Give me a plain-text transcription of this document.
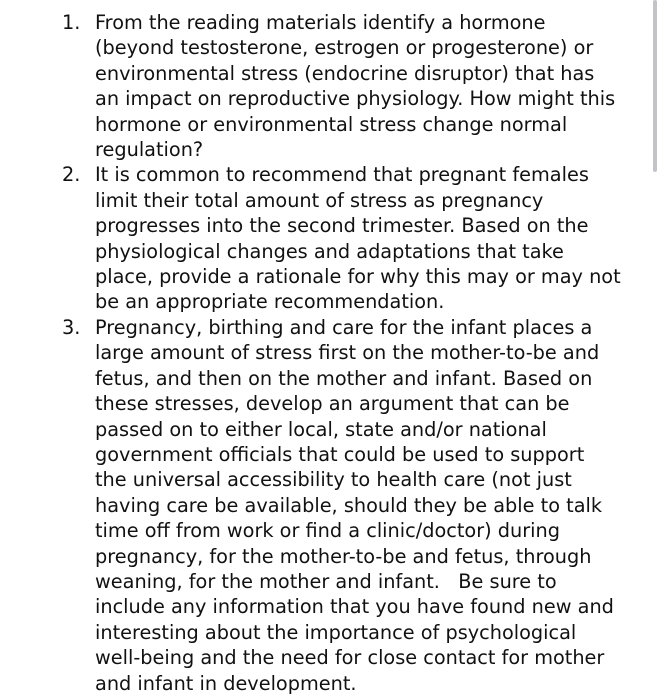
1. From the reading materials identify a hormone
(beyond testosterone, estrogen or progesterone) or
environmental stress (endocrine disruptor) that has
an impact on reproductive physiology. How might this
hormone or environmental stress change normal
regulation?
2. It is common to recommend that pregnant females
limit their total amount of stress as pregnancy
progresses into the second trimester. Based on the
physiological changes and adaptations that take
place, provide a rationale for why this may or may not
be an appropriate recommendation.
3. Pregnancy, birthing and care for the infant places a
large amount of stress first on the mother-to-be and
fetus, and then on the mother and infant. Based on
these stresses, develop an argument that can be
passed on to either local, state and/or national
government officials that could be used to support
the universal accessibility to health care (not just
having care be available, should they be able to talk
time off from work or find a clinic/doctor) during
pregnancy, for the mother-to-be and fetus, through
weaning, for the mother and infant.   Be sure to
include any information that you have found new and
interesting about the importance of psychological
well-being and the need for close contact for mother
and infant in development.
